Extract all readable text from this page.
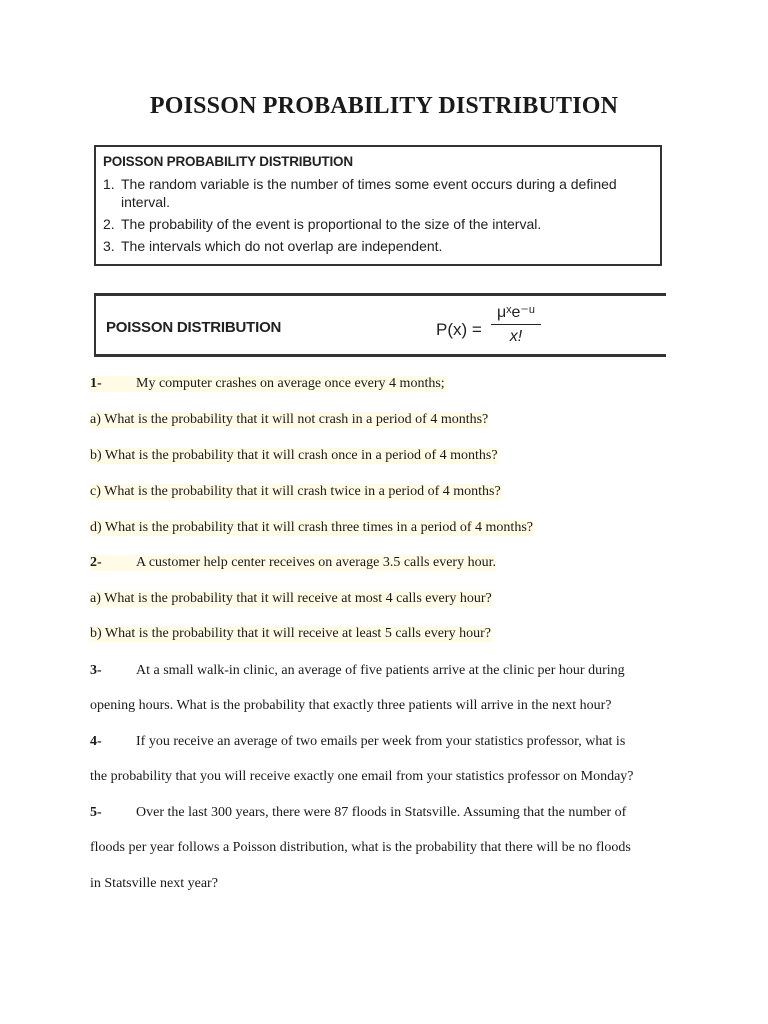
POISSON PROBABILITY DISTRIBUTION
POISSON PROBABILITY DISTRIBUTION
1. The random variable is the number of times some event occurs during a defined interval.
2. The probability of the event is proportional to the size of the interval.
3. The intervals which do not overlap are independent.
POISSON DISTRIBUTION	P(x) =
μˣe⁻ᵘ
x!
1- My computer crashes on average once every 4 months;
a) What is the probability that it will not crash in a period of 4 months?
b) What is the probability that it will crash once in a period of 4 months?
c) What is the probability that it will crash twice in a period of 4 months?
d) What is the probability that it will crash three times in a period of 4 months?
2- A customer help center receives on average 3.5 calls every hour.
a) What is the probability that it will receive at most 4 calls every hour?
b) What is the probability that it will receive at least 5 calls every hour?
3- At a small walk-in clinic, an average of five patients arrive at the clinic per hour during
opening hours. What is the probability that exactly three patients will arrive in the next hour?
4- If you receive an average of two emails per week from your statistics professor, what is
the probability that you will receive exactly one email from your statistics professor on Monday?
5- Over the last 300 years, there were 87 floods in Statsville. Assuming that the number of
floods per year follows a Poisson distribution, what is the probability that there will be no floods
in Statsville next year?
